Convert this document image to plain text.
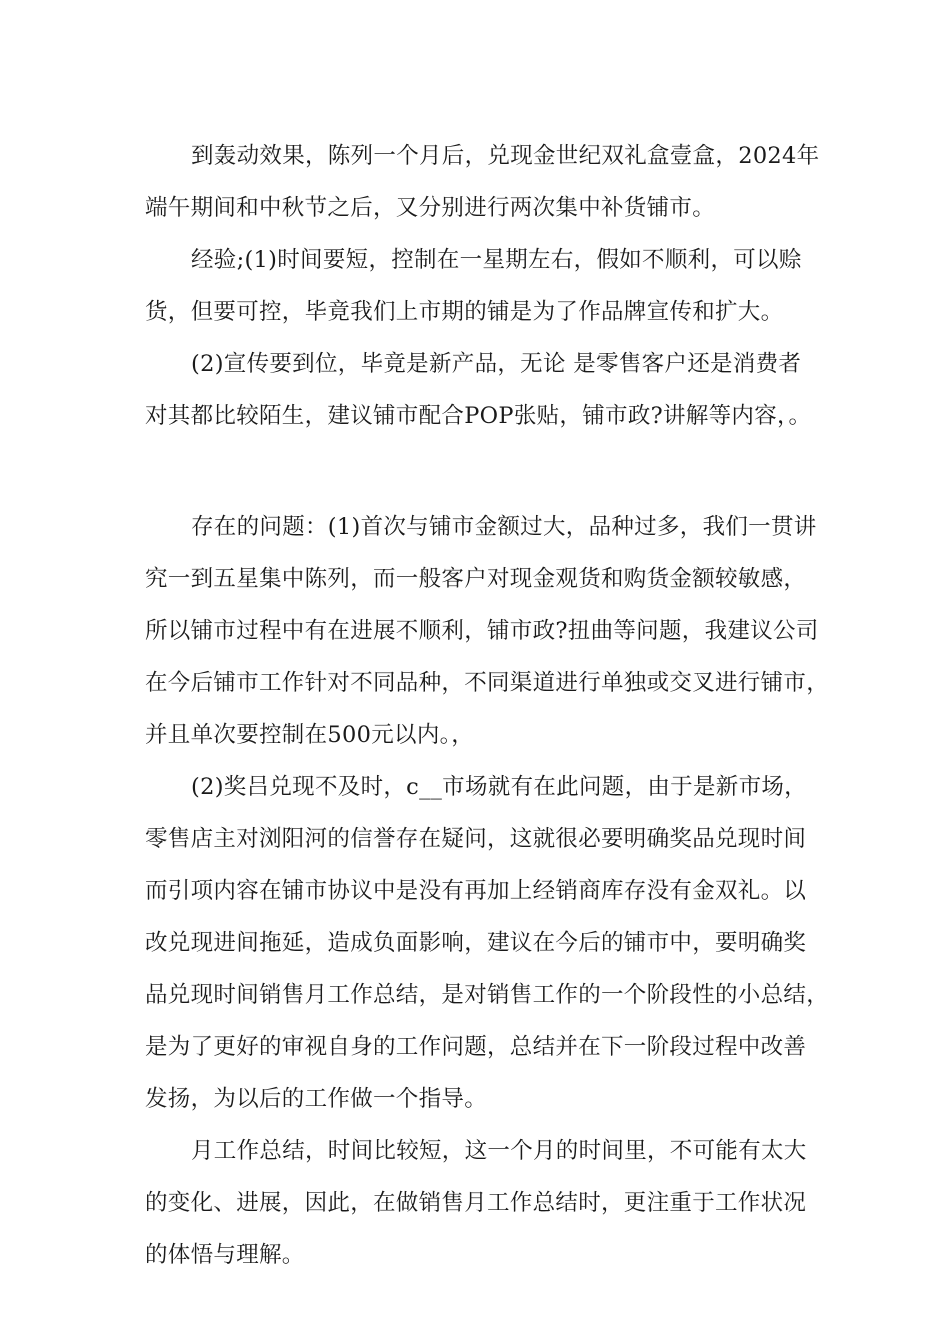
到轰动效果，陈列一个月后，兑现金世纪双礼盒壹盒，2024年
端午期间和中秋节之后，又分别进行两次集中补货铺市。
经验;(1)时间要短，控制在一星期左右，假如不顺利，可以赊
货，但要可控，毕竟我们上市期的铺是为了作品牌宣传和扩大。
(2)宣传要到位，毕竟是新产品，无论 是零售客户还是消费者
对其都比较陌生，建议铺市配合POP张贴，铺市政?讲解等内容，。
存在的问题：(1)首次与铺市金额过大，品种过多，我们一贯讲
究一到五星集中陈列，而一般客户对现金观货和购货金额较敏感，
所以铺市过程中有在进展不顺利，铺市政?扭曲等问题，我建议公司
在今后铺市工作针对不同品种，不同渠道进行单独或交叉进行铺市，
并且单次要控制在500元以内。，
(2)奖吕兑现不及时，c__市场就有在此问题，由于是新市场，
零售店主对浏阳河的信誉存在疑问，这就很必要明确奖品兑现时间
而引项内容在铺市协议中是没有再加上经销商库存没有金双礼。以
改兑现进间拖延，造成负面影响，建议在今后的铺市中，要明确奖
品兑现时间销售月工作总结，是对销售工作的一个阶段性的小总结，
是为了更好的审视自身的工作问题，总结并在下一阶段过程中改善
发扬，为以后的工作做一个指导。
月工作总结，时间比较短，这一个月的时间里，不可能有太大
的变化、进展，因此，在做销售月工作总结时，更注重于工作状况
的体悟与理解。
